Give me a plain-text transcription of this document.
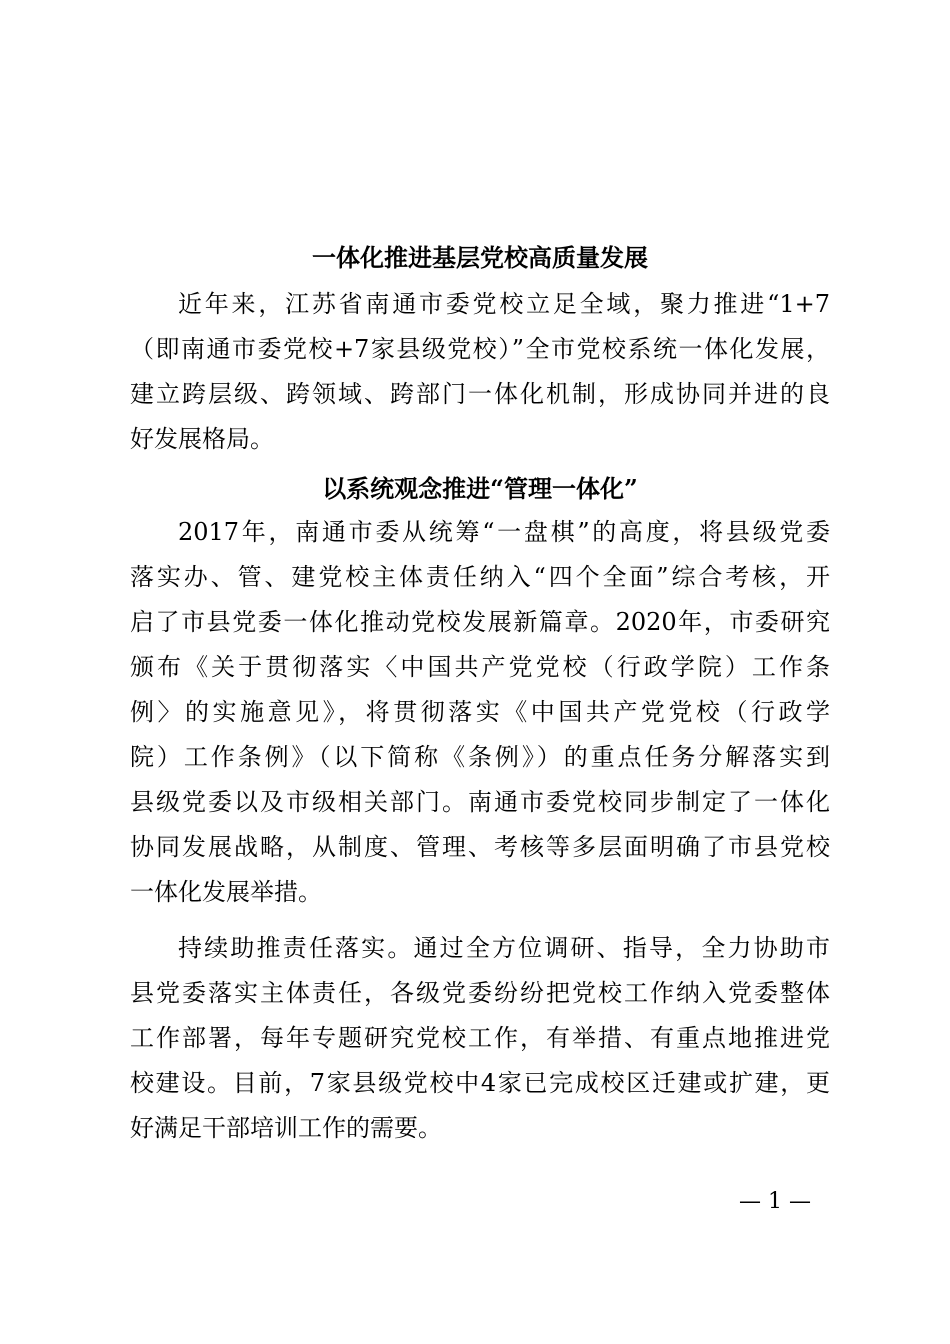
一体化推进基层党校高质量发展
近年来，江苏省南通市委党校立足全域，聚力推进“1+7
（即南通市委党校+7家县级党校）”全市党校系统一体化发展，
建立跨层级、跨领域、跨部门一体化机制，形成协同并进的良
好发展格局。
以系统观念推进“管理一体化”
2017年，南通市委从统筹“一盘棋”的高度，将县级党委
落实办、管、建党校主体责任纳入“四个全面”综合考核，开
启了市县党委一体化推动党校发展新篇章。2020年，市委研究
颁布《关于贯彻落实〈中国共产党党校（行政学院）工作条
例〉的实施意见》，将贯彻落实《中国共产党党校（行政学
院）工作条例》（以下简称《条例》）的重点任务分解落实到
县级党委以及市级相关部门。南通市委党校同步制定了一体化
协同发展战略，从制度、管理、考核等多层面明确了市县党校
一体化发展举措。
持续助推责任落实。通过全方位调研、指导，全力协助市
县党委落实主体责任，各级党委纷纷把党校工作纳入党委整体
工作部署，每年专题研究党校工作，有举措、有重点地推进党
校建设。目前，7家县级党校中4家已完成校区迁建或扩建，更
好满足干部培训工作的需要。
— 1 —
